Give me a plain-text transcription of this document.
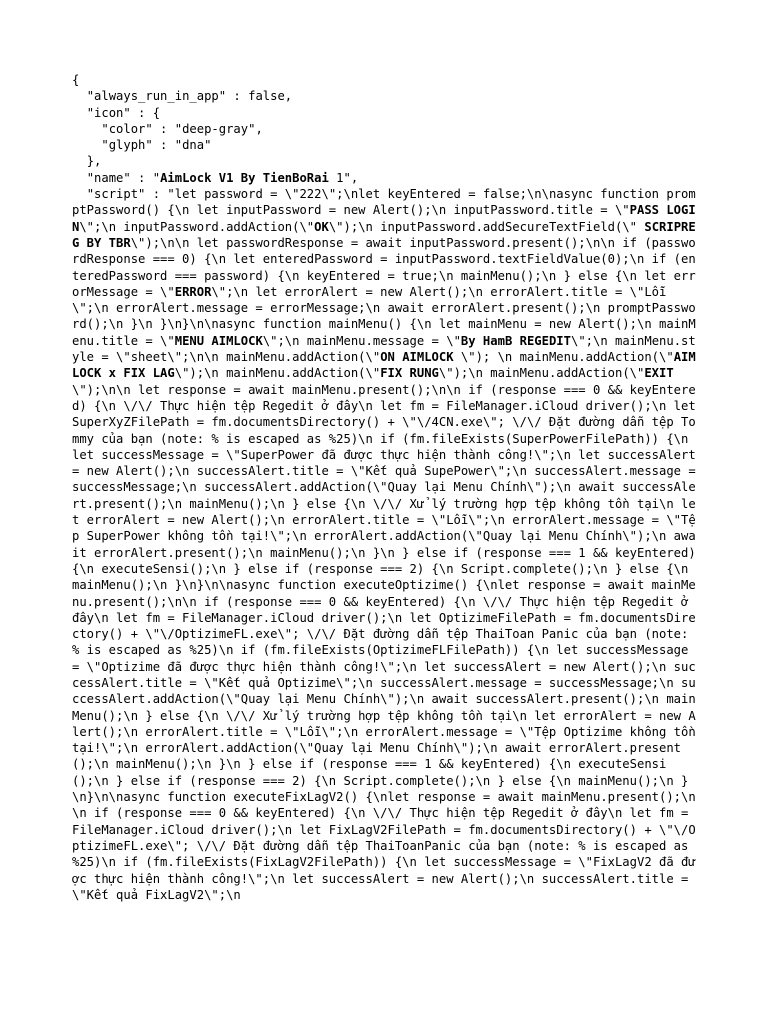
{
"always_run_in_app" : false,
"icon" : {
"color" : "deep-gray",
"glyph" : "dna"
},
"name" : "AimLock V1 By TienBoRai 1",
"script" : "let password = \"222\";\nlet keyEntered = false;\n\nasync function promptPassword() {\n let inputPassword = new Alert();\n inputPassword.title = \"PASS LOGIN\";\n inputPassword.addAction(\"OK\");\n inputPassword.addSecureTextField(\" SCRIPREG BY TBR\");\n\n let passwordResponse = await inputPassword.present();\n\n if (passwordResponse === 0) {\n let enteredPassword = inputPassword.textFieldValue(0);\n if (enteredPassword === password) {\n keyEntered = true;\n mainMenu();\n } else {\n let errorMessage = \"ERROR\";\n let errorAlert = new Alert();\n errorAlert.title = \"Lỗi\";\n errorAlert.message = errorMessage;\n await errorAlert.present();\n promptPassword();\n }\n }\n}\n\nasync function mainMenu() {\n let mainMenu = new Alert();\n mainMenu.title = \"MENU AIMLOCK\";\n mainMenu.message = \"By HamB REGEDIT\";\n mainMenu.style = \"sheet\";\n\n mainMenu.addAction(\"ON AIMLOCK \"); \n mainMenu.addAction(\"AIMLOCK x FIX LAG\");\n mainMenu.addAction(\"FIX RUNG\");\n mainMenu.addAction(\"EXIT\");\n\n let response = await mainMenu.present();\n\n if (response === 0 && keyEntered) {\n \/\/ Thực hiện tệp Regedit ở đây\n let fm = FileManager.iCloud driver();\n let SuperXyZFilePath = fm.documentsDirectory() + \"\/4CN.exe\"; \/\/ Đặt đường dẫn tệp Tommy của bạn (note: % is escaped as %25)\n if (fm.fileExists(SuperPowerFilePath)) {\n let successMessage = \"SuperPower đã được thực hiện thành công!\";\n let successAlert = new Alert();\n successAlert.title = \"Kết quả SupePower\";\n successAlert.message = successMessage;\n successAlert.addAction(\"Quay lại Menu Chính\");\n await successAlert.present();\n mainMenu();\n } else {\n \/\/ Xử lý trường hợp tệp không tồn tại\n let errorAlert = new Alert();\n errorAlert.title = \"Lỗi\";\n errorAlert.message = \"Tệp SuperPower không tồn tại!\";\n errorAlert.addAction(\"Quay lại Menu Chính\");\n await errorAlert.present();\n mainMenu();\n }\n } else if (response === 1 && keyEntered) {\n executeSensi();\n } else if (response === 2) {\n Script.complete();\n } else {\n mainMenu();\n }\n}\n\nasync function executeOptizime() {\nlet response = await mainMenu.present();\n\n if (response === 0 && keyEntered) {\n \/\/ Thực hiện tệp Regedit ở đây\n let fm = FileManager.iCloud driver();\n let OptizimeFilePath = fm.documentsDirectory() + \"\/OptizimeFL.exe\"; \/\/ Đặt đường dẫn tệp ThaiToan Panic của bạn (note: % is escaped as %25)\n if (fm.fileExists(OptizimeFLFilePath)) {\n let successMessage = \"Optizime đã được thực hiện thành công!\";\n let successAlert = new Alert();\n successAlert.title = \"Kết quả Optizime\";\n successAlert.message = successMessage;\n successAlert.addAction(\"Quay lại Menu Chính\");\n await successAlert.present();\n mainMenu();\n } else {\n \/\/ Xử lý trường hợp tệp không tồn tại\n let errorAlert = new Alert();\n errorAlert.title = \"Lỗi\";\n errorAlert.message = \"Tệp Optizime không tồn tại!\";\n errorAlert.addAction(\"Quay lại Menu Chính\");\n await errorAlert.present();\n mainMenu();\n }\n } else if (response === 1 && keyEntered) {\n executeSensi();\n } else if (response === 2) {\n Script.complete();\n } else {\n mainMenu();\n }\n}\n\nasync function executeFixLagV2() {\nlet response = await mainMenu.present();\n\n if (response === 0 && keyEntered) {\n \/\/ Thực hiện tệp Regedit ở đây\n let fm = FileManager.iCloud driver();\n let FixLagV2FilePath = fm.documentsDirectory() + \"\/OptizimeFL.exe\"; \/\/ Đặt đường dẫn tệp ThaiToanPanic của bạn (note: % is escaped as %25)\n if (fm.fileExists(FixLagV2FilePath)) {\n let successMessage = \"FixLagV2 đã được thực hiện thành công!\";\n let successAlert = new Alert();\n successAlert.title = \"Kết quả FixLagV2\";\n
